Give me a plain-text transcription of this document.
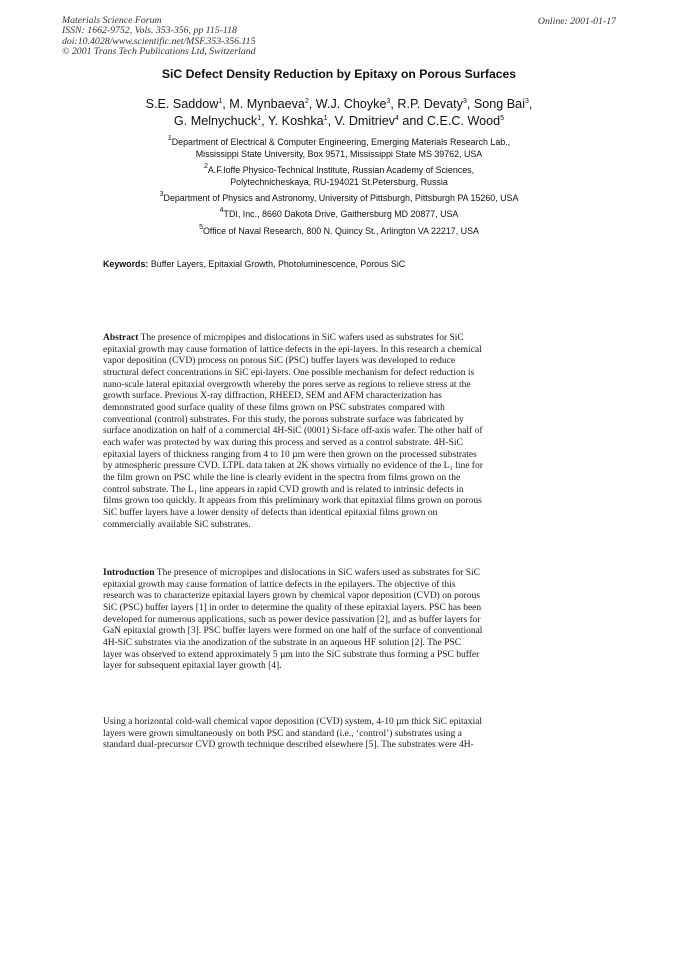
Materials Science Forum
ISSN: 1662-9752, Vols. 353-356, pp 115-118
doi:10.4028/www.scientific.net/MSF.353-356.115
© 2001 Trans Tech Publications Ltd, Switzerland
Online: 2001-01-17
SiC Defect Density Reduction by Epitaxy on Porous Surfaces
S.E. Saddow$^1$, M. Mynbaeva$^2$, W.J. Choyke$^3$, R.P. Devaty$^3$, Song Bai$^3$,
G. Melnychuck$^1$, Y. Koshka$^1$, V. Dmitriev$^4$ and C.E.C. Wood$^5$
$^1$Department of Electrical & Computer Engineering, Emerging Materials Research Lab.,
Mississippi State University, Box 9571, Mississippi State MS 39762, USA
$^2$A.F.Ioffe Physico-Technical Institute, Russian Academy of Sciences,
Polytechnicheskaya, RU-194021 St.Petersburg, Russia
$^3$Department of Physics and Astronomy, University of Pittsburgh, Pittsburgh PA 15260, USA
$^4$TDI, Inc., 8660 Dakota Drive, Gaithersburg MD 20877, USA
$^5$Office of Naval Research, 800 N. Quincy St., Arlington VA 22217, USA
Keywords: Buffer Layers, Epitaxial Growth, Photoluminescence, Porous SiC
Abstract The presence of micropipes and dislocations in SiC wafers used as substrates for SiC
epitaxial growth may cause formation of lattice defects in the epi-layers. In this research a chemical
vapor deposition (CVD) process on porous SiC (PSC) buffer layers was developed to reduce
structural defect concentrations in SiC epi-layers. One possible mechanism for defect reduction is
nano-scale lateral epitaxial overgrowth whereby the pores serve as regions to relieve stress at the
growth surface. Previous X-ray diffraction, RHEED, SEM and AFM characterization has
demonstrated good surface quality of these films grown on PSC substrates compared with
conventional (control) substrates. For this study, the porous substrate surface was fabricated by
surface anodization on half of a commercial 4H-SiC (0001) Si-face off-axis wafer. The other half of
each wafer was protected by wax during this process and served as a control substrate. 4H-SiC
epitaxial layers of thickness ranging from 4 to 10 µm were then grown on the processed substrates
by atmospheric pressure CVD. LTPL data taken at 2K shows virtually no evidence of the L₁ line for
the film grown on PSC while the line is clearly evident in the spectra from films grown on the
control substrate. The L₁ line appears in rapid CVD growth and is related to intrinsic defects in
films grown too quickly. It appears from this preliminary work that epitaxial films grown on porous
SiC buffer layers have a lower density of defects than identical epitaxial films grown on
commercially available SiC substrates.
Introduction The presence of micropipes and dislocations in SiC wafers used as substrates for SiC
epitaxial growth may cause formation of lattice defects in the epilayers. The objective of this
research was to characterize epitaxial layers grown by chemical vapor deposition (CVD) on porous
SiC (PSC) buffer layers [1] in order to determine the quality of these epitaxial layers. PSC has been
developed for numerous applications, such as power device passivation [2], and as buffer layers for
GaN epitaxial growth [3]. PSC buffer layers were formed on one half of the surface of conventional
4H-SiC substrates via the anodization of the substrate in an aqueous HF solution [2]. The PSC
layer was observed to extend approximately 5 µm into the SiC substrate thus forming a PSC buffer
layer for subsequent epitaxial layer growth [4].
Using a horizontal cold-wall chemical vapor deposition (CVD) system, 4-10 µm thick SiC epitaxial
layers were grown simultaneously on both PSC and standard (i.e., ‘control’) substrates using a
standard dual-precursor CVD growth technique described elsewhere [5]. The substrates were 4H-
